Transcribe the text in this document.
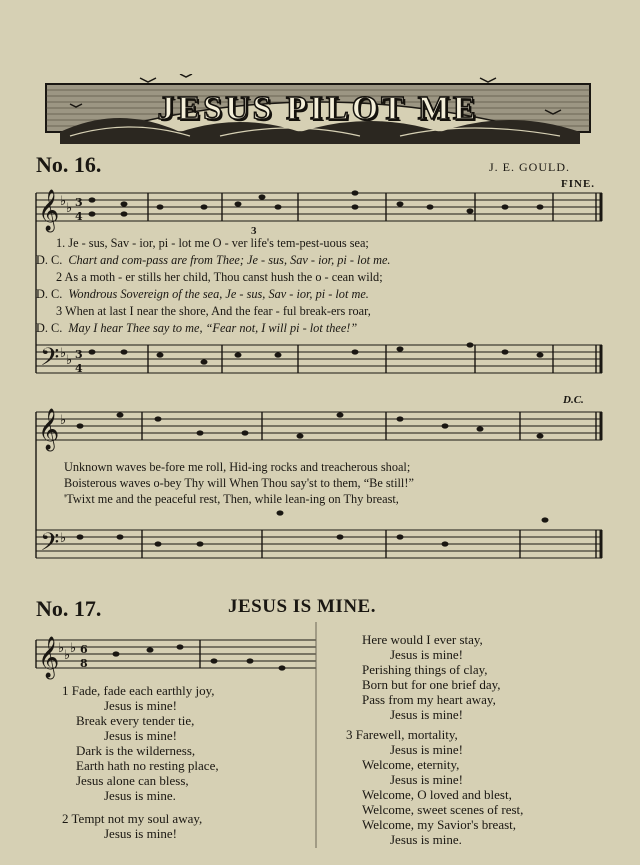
JESUS PILOT ME
No. 16.	J. E. GOULD.
FINE.
D.C.
3
𝄞
𝄢
𝄞
𝄢
𝄞
♭ ♭
♭ ♭
♭
♭
♭ ♭ ♭
3
4
3
4
6
8
1. Je - sus, Sav - ior, pi - lot me O - ver life's tem-pest-uous sea;
D. C. Chart and com-pass are from Thee; Je - sus, Sav - ior, pi - lot me.
2 As a moth - er stills her child, Thou canst hush the o - cean wild;
D. C. Wondrous Sovereign of the sea, Je - sus, Sav - ior, pi - lot me.
3 When at last I near the shore, And the fear - ful break-ers roar,
D. C. May I hear Thee say to me, “Fear not, I will pi - lot thee!”
Unknown waves be-fore me roll, Hid-ing rocks and treacherous shoal;
Boisterous waves o-bey Thy will When Thou say'st to them, “Be still!”
'Twixt me and the peaceful rest, Then, while lean-ing on Thy breast,
No. 17.	JESUS IS MINE.
1 Fade, fade each earthly joy,
Jesus is mine!
Break every tender tie,
Jesus is mine!
Dark is the wilderness,
Earth hath no resting place,
Jesus alone can bless,
Jesus is mine.
2 Tempt not my soul away,
Jesus is mine!
Here would I ever stay,
Jesus is mine!
Perishing things of clay,
Born but for one brief day,
Pass from my heart away,
Jesus is mine!
3 Farewell, mortality,
Jesus is mine!
Welcome, eternity,
Jesus is mine!
Welcome, O loved and blest,
Welcome, sweet scenes of rest,
Welcome, my Savior's breast,
Jesus is mine.
